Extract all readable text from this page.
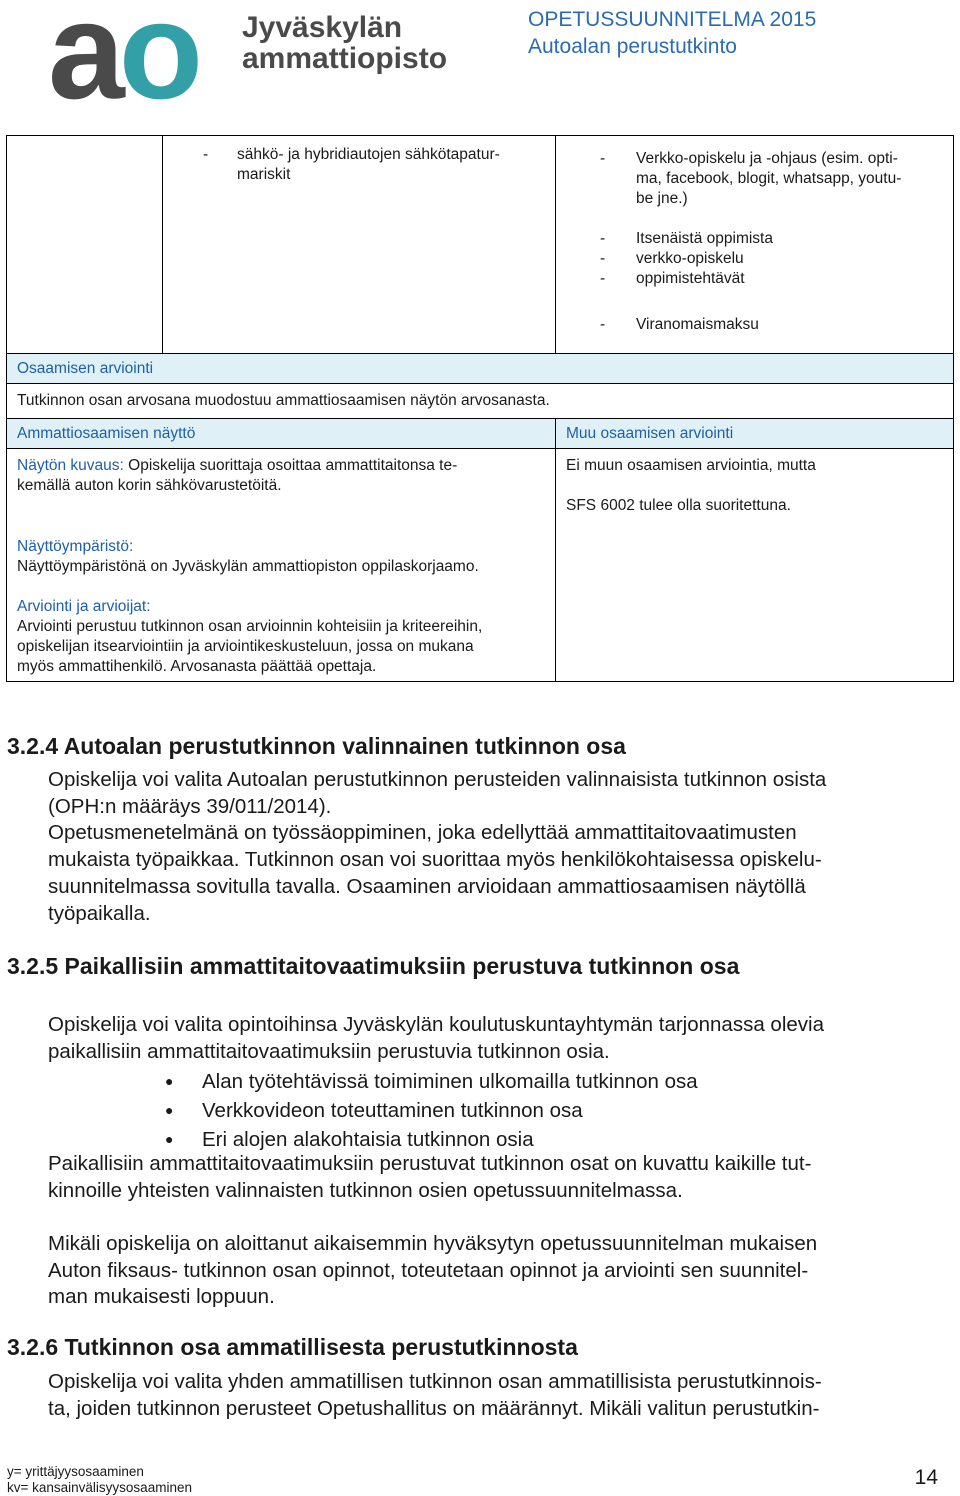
ao Jyväskylän
ammattiopisto
OPETUSSUUNNITELMA 2015
Autoalan perustutkinto
- sähkö- ja hybridiautojen sähkötapatur-
mariskit
- Verkko-opiskelu ja -ohjaus (esim. opti-
ma, facebook, blogit, whatsapp, youtu-
be jne.)
- Itsenäistä oppimista
- verkko-opiskelu
- oppimistehtävät
- Viranomaismaksu
Osaamisen arviointi
Tutkinnon osan arvosana muodostuu ammattiosaamisen näytön arvosanasta.
Ammattiosaamisen näyttö	Muu osaamisen arviointi
Näytön kuvaus: Opiskelija suorittaja osoittaa ammattitaitonsa te-
kemällä auton korin sähkövarustetöitä.
Näyttöympäristö:
Näyttöympäristönä on Jyväskylän ammattiopiston oppilaskorjaamo.
Arviointi ja arvioijat:
Arviointi perustuu tutkinnon osan arvioinnin kohteisiin ja kriteereihin,
opiskelijan itsearviointiin ja arviointikeskusteluun, jossa on mukana
myös ammattihenkilö. Arvosanasta päättää opettaja.
Ei muun osaamisen arviointia, mutta
SFS 6002 tulee olla suoritettuna.
3.2.4 Autoalan perustutkinnon valinnainen tutkinnon osa
Opiskelija voi valita Autoalan perustutkinnon perusteiden valinnaisista tutkinnon osista
(OPH:n määräys 39/011/2014).
Opetusmenetelmänä on työssäoppiminen, joka edellyttää ammattitaitovaatimusten
mukaista työpaikkaa. Tutkinnon osan voi suorittaa myös henkilökohtaisessa opiskelu-
suunnitelmassa sovitulla tavalla. Osaaminen arvioidaan ammattiosaamisen näytöllä
työpaikalla.
3.2.5 Paikallisiin ammattitaitovaatimuksiin perustuva tutkinnon osa
Opiskelija voi valita opintoihinsa Jyväskylän koulutuskuntayhtymän tarjonnassa olevia
paikallisiin ammattitaitovaatimuksiin perustuvia tutkinnon osia.
● Alan työtehtävissä toimiminen ulkomailla tutkinnon osa
● Verkkovideon toteuttaminen tutkinnon osa
● Eri alojen alakohtaisia tutkinnon osia
Paikallisiin ammattitaitovaatimuksiin perustuvat tutkinnon osat on kuvattu kaikille tut-
kinnoille yhteisten valinnaisten tutkinnon osien opetussuunnitelmassa.
Mikäli opiskelija on aloittanut aikaisemmin hyväksytyn opetussuunnitelman mukaisen
Auton fiksaus- tutkinnon osan opinnot, toteutetaan opinnot ja arviointi sen suunnitel-
man mukaisesti loppuun.
3.2.6 Tutkinnon osa ammatillisesta perustutkinnosta
Opiskelija voi valita yhden ammatillisen tutkinnon osan ammatillisista perustutkinnois-
ta, joiden tutkinnon perusteet Opetushallitus on määrännyt. Mikäli valitun perustutkin-
y= yrittäjyysosaaminen
kv= kansainvälisyysosaaminen	14
